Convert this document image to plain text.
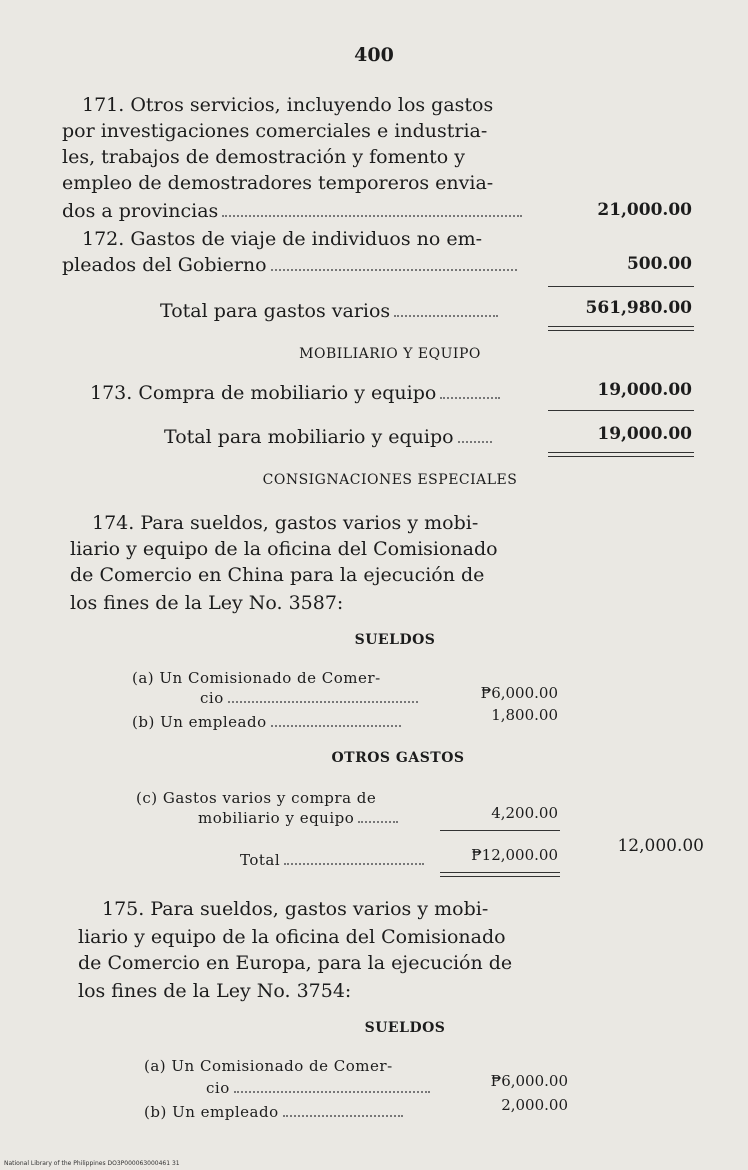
400
171. Otros servicios, incluyendo los gastos
por investigaciones comerciales e industria-
les, trabajos de demostración y fomento y
empleo de demostradores temporeros envia-
dos a provincias	21,000.00
172. Gastos de viaje de individuos no em-
pleados del Gobierno	500.00
Total para gastos varios	561,980.00
MOBILIARIO Y EQUIPO
173. Compra de mobiliario y equipo	19,000.00
Total para mobiliario y equipo	19,000.00
CONSIGNACIONES ESPECIALES
174. Para sueldos, gastos varios y mobi-
liario y equipo de la oficina del Comisionado
de Comercio en China para la ejecución de
los fines de la Ley No. 3587:
SUELDOS
(a) Un Comisionado de Comer-
cio	₱6,000.00
(b) Un empleado	1,800.00
OTROS GASTOS
(c) Gastos varios y compra de
mobiliario y equipo	4,200.00
Total	₱12,000.00	12,000.00
175. Para sueldos, gastos varios y mobi-
liario y equipo de la oficina del Comisionado
de Comercio en Europa, para la ejecución de
los fines de la Ley No. 3754:
SUELDOS
(a) Un Comisionado de Comer-
cio	₱6,000.00
(b) Un empleado	2,000.00
National Library of the Philippines DO3P000063000461 31
